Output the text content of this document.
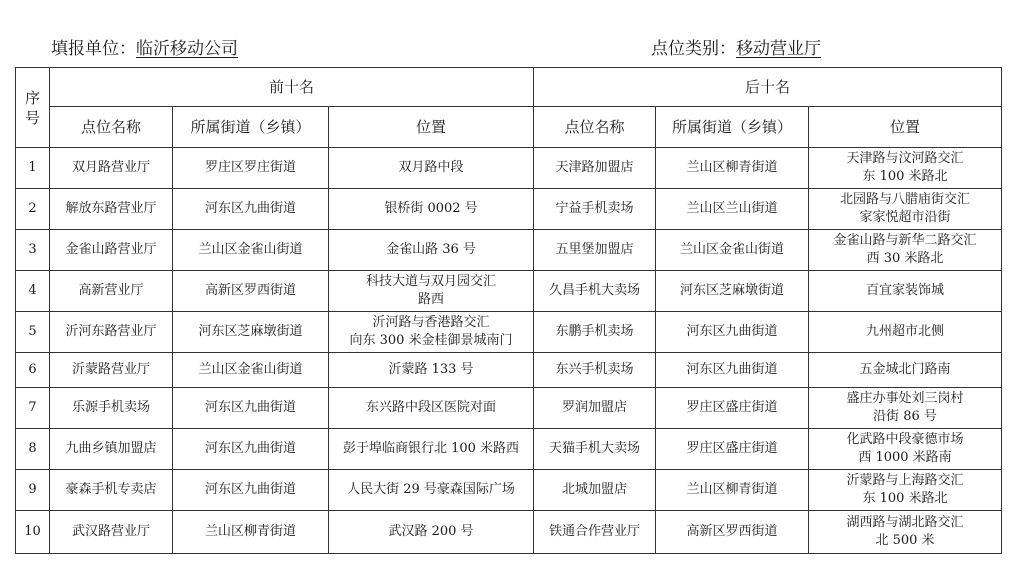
填报单位：临沂移动公司	点位类别：移动营业厅
序
号	前十名			后十名		
	点位名称	所属街道（乡镇）	位置	点位名称	所属街道（乡镇）	位置
1	双月路营业厅	罗庄区罗庄街道	双月路中段	天津路加盟店	兰山区柳青街道	天津路与汶河路交汇
东 100 米路北
2	解放东路营业厅	河东区九曲街道	银桥街 0002 号	宁益手机卖场	兰山区兰山街道	北园路与八腊庙街交汇
家家悦超市沿街
3	金雀山路营业厅	兰山区金雀山街道	金雀山路 36 号	五里堡加盟店	兰山区金雀山街道	金雀山路与新华二路交汇
西 30 米路北
4	高新营业厅	高新区罗西街道	科技大道与双月园交汇
路西	久昌手机大卖场	河东区芝麻墩街道	百宜家装饰城
5	沂河东路营业厅	河东区芝麻墩街道	沂河路与香港路交汇
向东 300 米金桂御景城南门	东鹏手机卖场	河东区九曲街道	九州超市北侧
6	沂蒙路营业厅	兰山区金雀山街道	沂蒙路 133 号	东兴手机卖场	河东区九曲街道	五金城北门路南
7	乐源手机卖场	河东区九曲街道	东兴路中段区医院对面	罗润加盟店	罗庄区盛庄街道	盛庄办事处刘三岗村
沿街 86 号
8	九曲乡镇加盟店	河东区九曲街道	彭于埠临商银行北 100 米路西	天猫手机大卖场	罗庄区盛庄街道	化武路中段豪德市场
西 1000 米路南
9	豪森手机专卖店	河东区九曲街道	人民大街 29 号豪森国际广场	北城加盟店	兰山区柳青街道	沂蒙路与上海路交汇
东 100 米路北
10	武汉路营业厅	兰山区柳青街道	武汉路 200 号	铁通合作营业厅	高新区罗西街道	湖西路与湖北路交汇
北 500 米
